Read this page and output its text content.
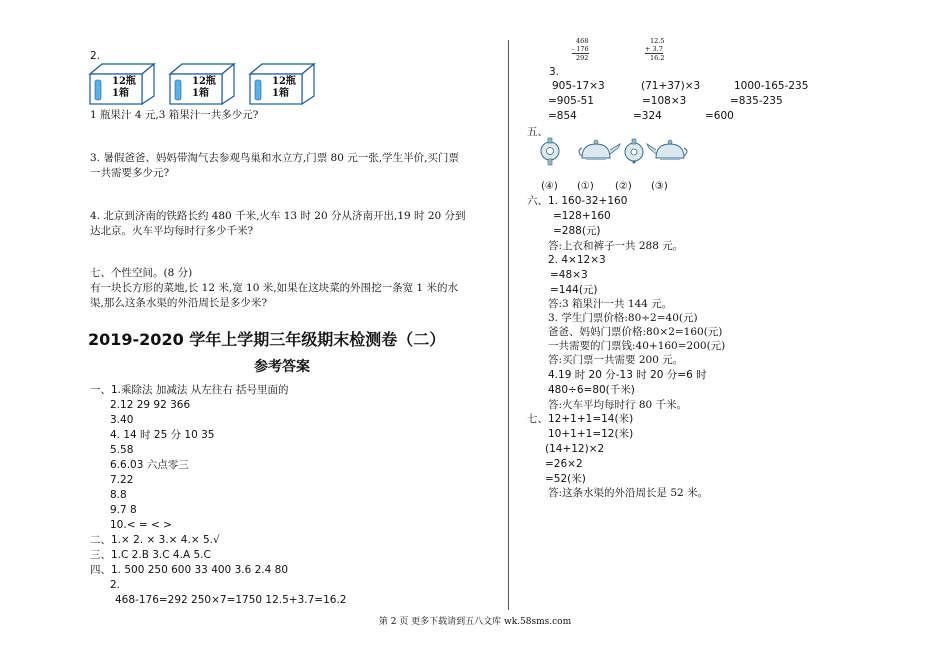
2.
12瓶
1箱
12瓶
1箱
12瓶
1箱
1 瓶果汁 4 元,3 箱果汁一共多少元?
3. 暑假爸爸、妈妈带淘气去参观鸟巢和水立方,门票 80 元一张,学生半价,买门票一共需要多少元?
4. 北京到济南的铁路长约 480 千米,火车 13 时 20 分从济南开出,19 时 20 分到达北京。火车平均每时行多少千米?
七、个性空间。(8 分)
有一块长方形的菜地,长 12 米,宽 10 米,如果在这块菜的外围挖一条宽 1 米的水渠,那么这条水渠的外沿周长是多少米?
2019-2020 学年上学期三年级期末检测卷（二）
参考答案
一、1.乘除法 加减法 从左往右 括号里面的
2.12 29 92 366
3.40
4. 14 时 25 分 10 35
5.58
6.6.03 六点零三
7.22
8.8
9.7 8
10.< = < >
二、1.× 2. × 3.× 4.× 5.√
三、1.C 2.B 3.C 4.A 5.C
四、1. 500 250 600 33 400 3.6 2.4 80
2.
468-176=292 250×7=1750 12.5+3.7=16.2
468
- 176
292
12.5
+ 3.7
16.2
3.
905-17×3	(71+37)×3	1000-165-235
=905-51	=108×3	=835-235
=854	=324	=600
五、
(④) (①) (②) (③)
六、1. 160-32+160
=128+160
=288(元)
答:上衣和裤子一共 288 元。
2. 4×12×3
=48×3
=144(元)
答:3 箱果汁一共 144 元。
3. 学生门票价格:80÷2=40(元)
爸爸、妈妈门票价格:80×2=160(元)
一共需要的门票钱:40+160=200(元)
答:买门票一共需要 200 元。
4.19 时 20 分-13 时 20 分=6 时
480÷6=80(千米)
答:火车平均每时行 80 千米。
七、12+1+1=14(米)
10+1+1=12(米)
(14+12)×2
=26×2
=52(米)
答:这条水渠的外沿周长是 52 米。
第 2 页 更多下载请到五八文库 wk.58sms.com
